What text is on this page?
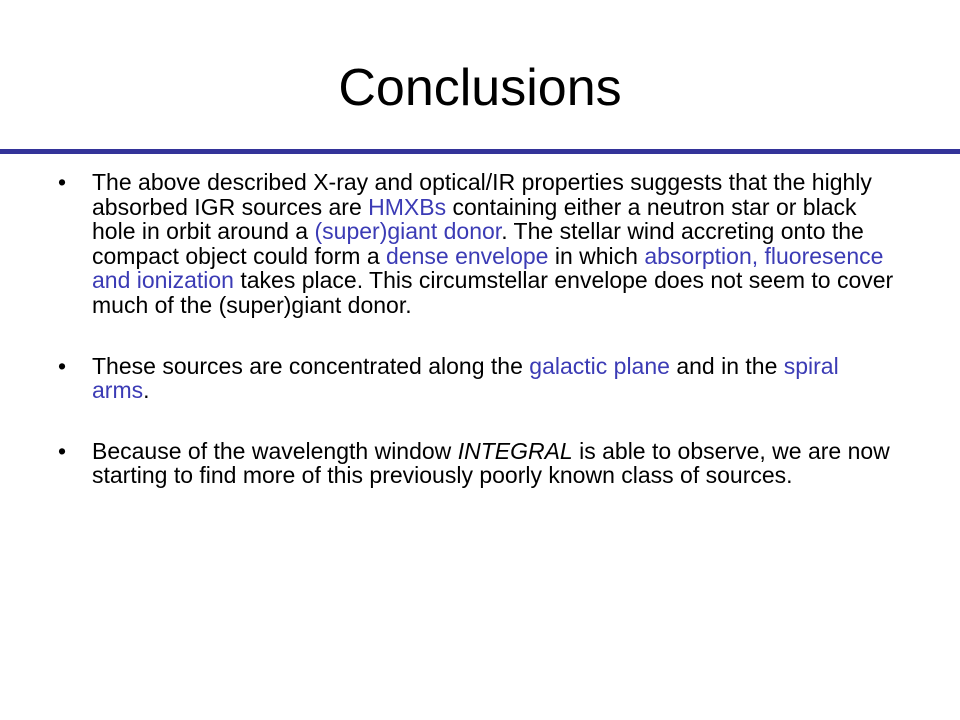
Conclusions
•	The above described X-ray and optical/IR properties suggests that the highly absorbed IGR sources are HMXBs containing either a neutron star or black hole in orbit around a (super)giant donor. The stellar wind accreting onto the compact object could form a dense envelope in which absorption, fluoresence and ionization takes place. This circumstellar envelope does not seem to cover much of the (super)giant donor.
•	These sources are concentrated along the galactic plane and in the spiral arms.
•	Because of the wavelength window INTEGRAL is able to observe, we are now starting to find more of this previously poorly known class of sources.
